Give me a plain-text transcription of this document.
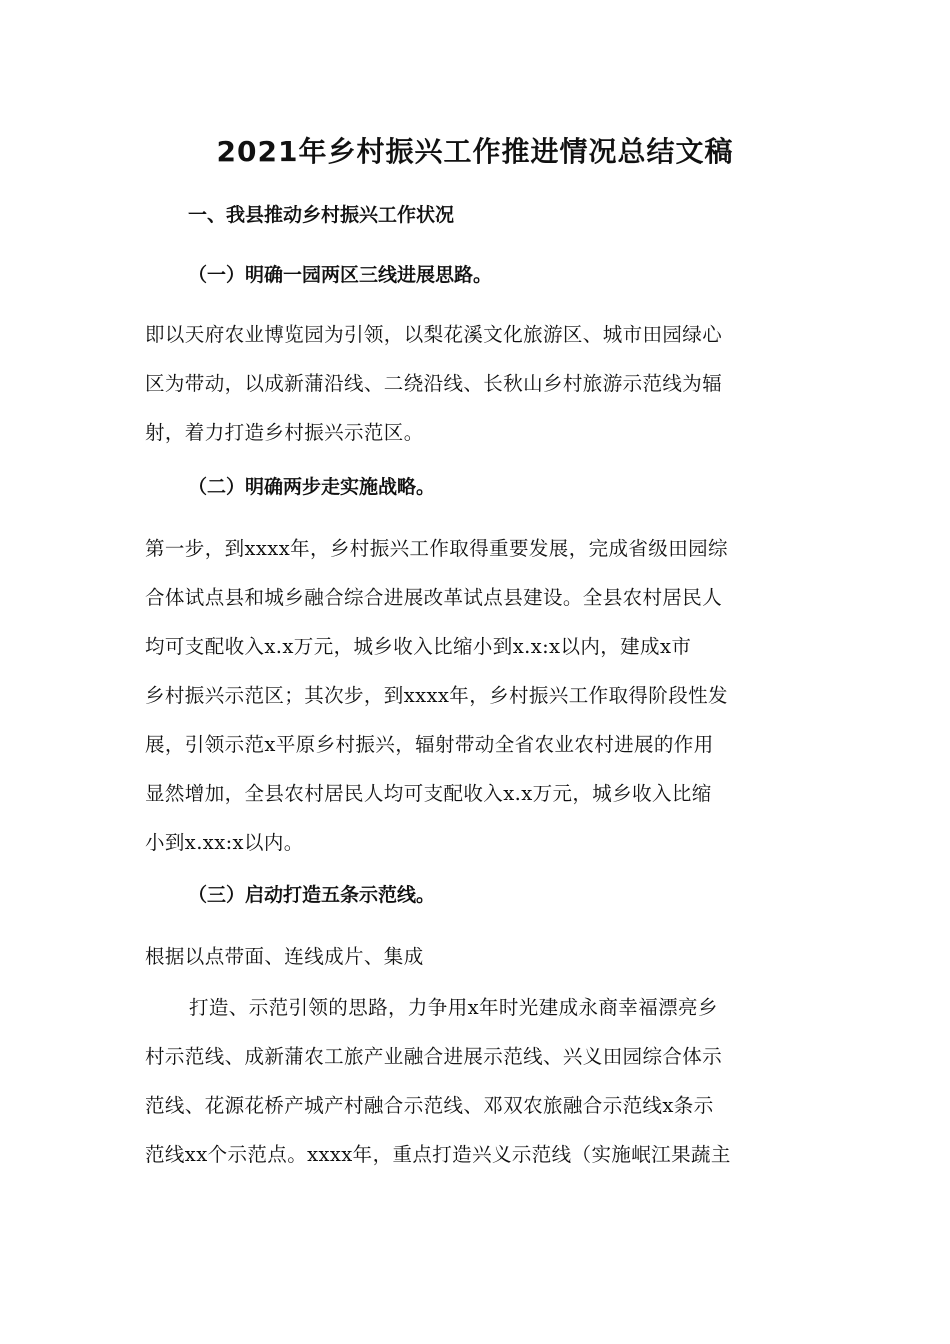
2021年乡村振兴工作推进情况总结文稿
一、我县推动乡村振兴工作状况
（一）明确一园两区三线进展思路。
即以天府农业博览园为引领，以梨花溪文化旅游区、城市田园绿心
区为带动，以成新蒲沿线、二绕沿线、长秋山乡村旅游示范线为辐
射，着力打造乡村振兴示范区。
（二）明确两步走实施战略。
第一步，到xxxx年，乡村振兴工作取得重要发展，完成省级田园综
合体试点县和城乡融合综合进展改革试点县建设。全县农村居民人
均可支配收入x.x万元，城乡收入比缩小到x.x:x以内，建成x市
乡村振兴示范区；其次步，到xxxx年，乡村振兴工作取得阶段性发
展，引领示范x平原乡村振兴，辐射带动全省农业农村进展的作用
显然增加，全县农村居民人均可支配收入x.x万元，城乡收入比缩
小到x.xx:x以内。
（三）启动打造五条示范线。
根据以点带面、连线成片、集成
打造、示范引领的思路，力争用x年时光建成永商幸福漂亮乡
村示范线、成新蒲农工旅产业融合进展示范线、兴义田园综合体示
范线、花源花桥产城产村融合示范线、邓双农旅融合示范线x条示
范线xx个示范点。xxxx年，重点打造兴义示范线（实施岷江果蔬主
